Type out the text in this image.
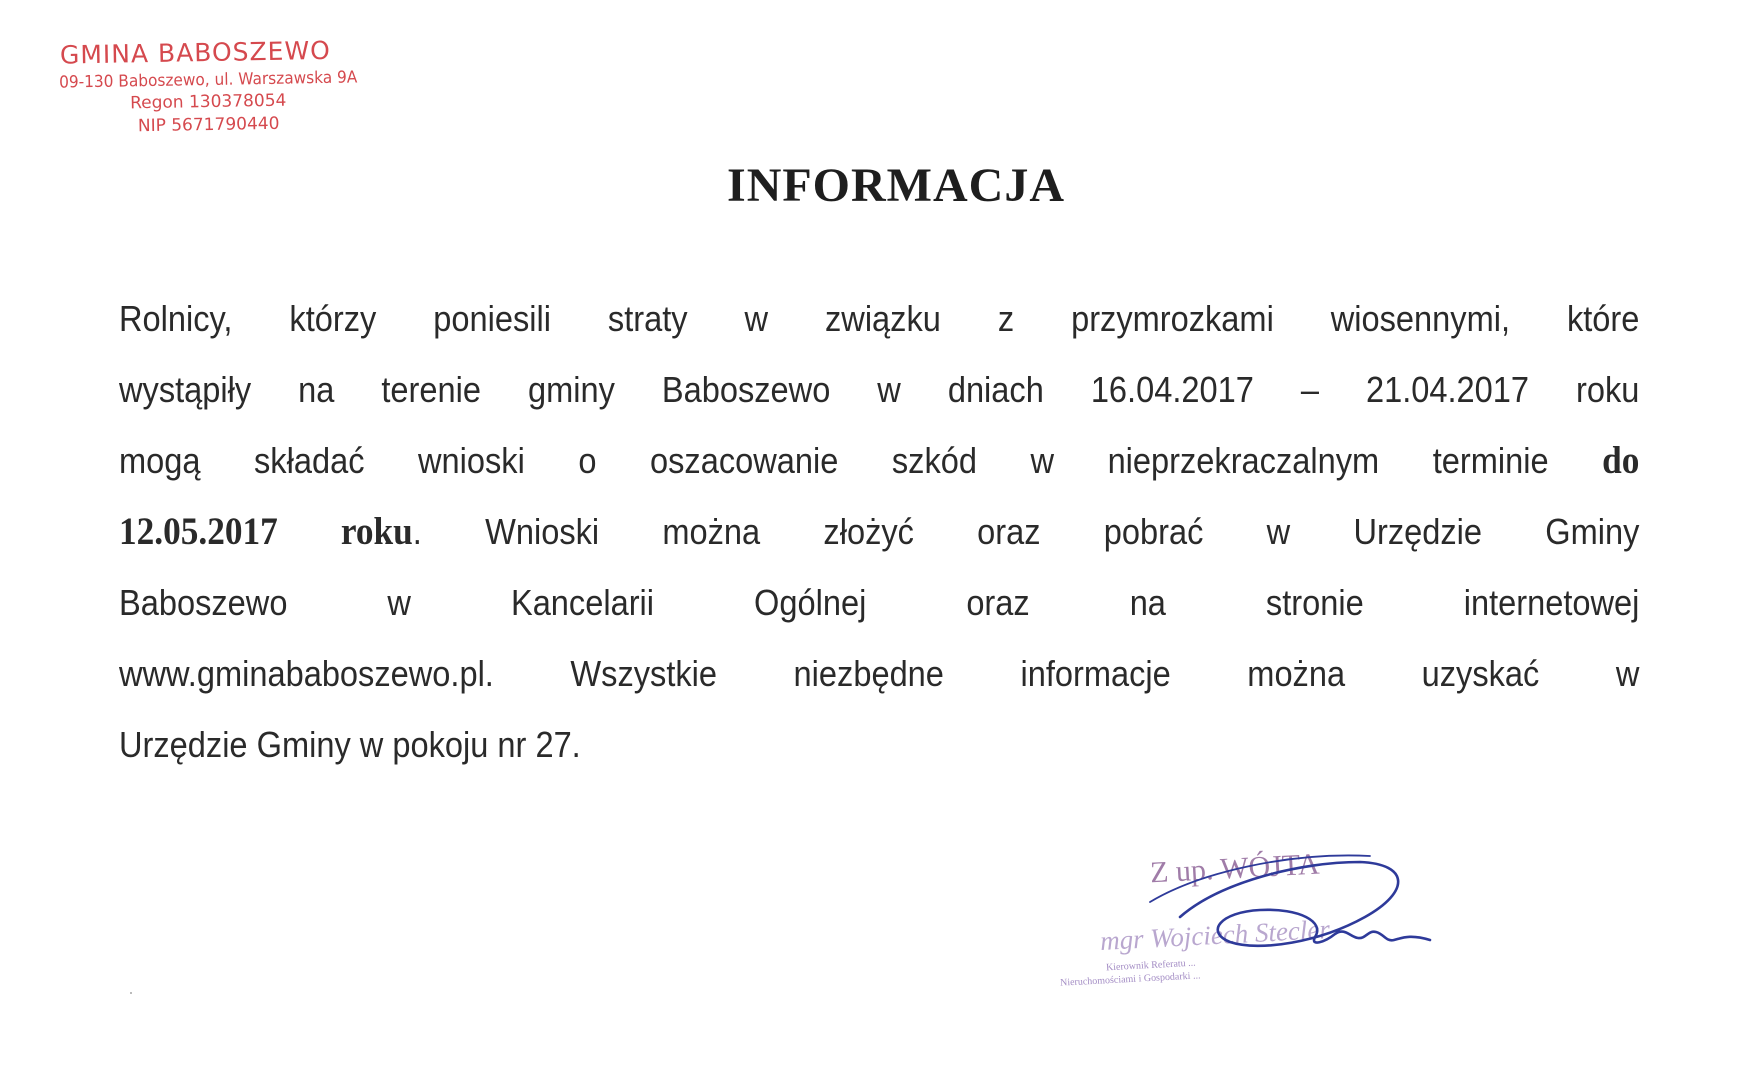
GMINA BABOSZEWO
09-130 Baboszewo, ul. Warszawska 9A
Regon 130378054
NIP 5671790440
INFORMACJA
Rolnicy, którzy poniesili straty w związku z przymrozkami wiosennymi, które
wystąpiły na terenie gminy Baboszewo w dniach 16.04.2017 – 21.04.2017 roku
mogą składać wnioski o oszacowanie szkód w nieprzekraczalnym terminie do
12.05.2017 roku. Wnioski można złożyć oraz pobrać w Urzędzie Gminy
Baboszewo w Kancelarii Ogólnej oraz na stronie internetowej
www.gminababoszewo.pl. Wszystkie niezbędne informacje można uzyskać w
Urzędzie Gminy w pokoju nr 27.
Z up. WÓJTA
mgr Wojciech Stecler
Kierownik Referatu ...
Nieruchomościami i Gospodarki ...
